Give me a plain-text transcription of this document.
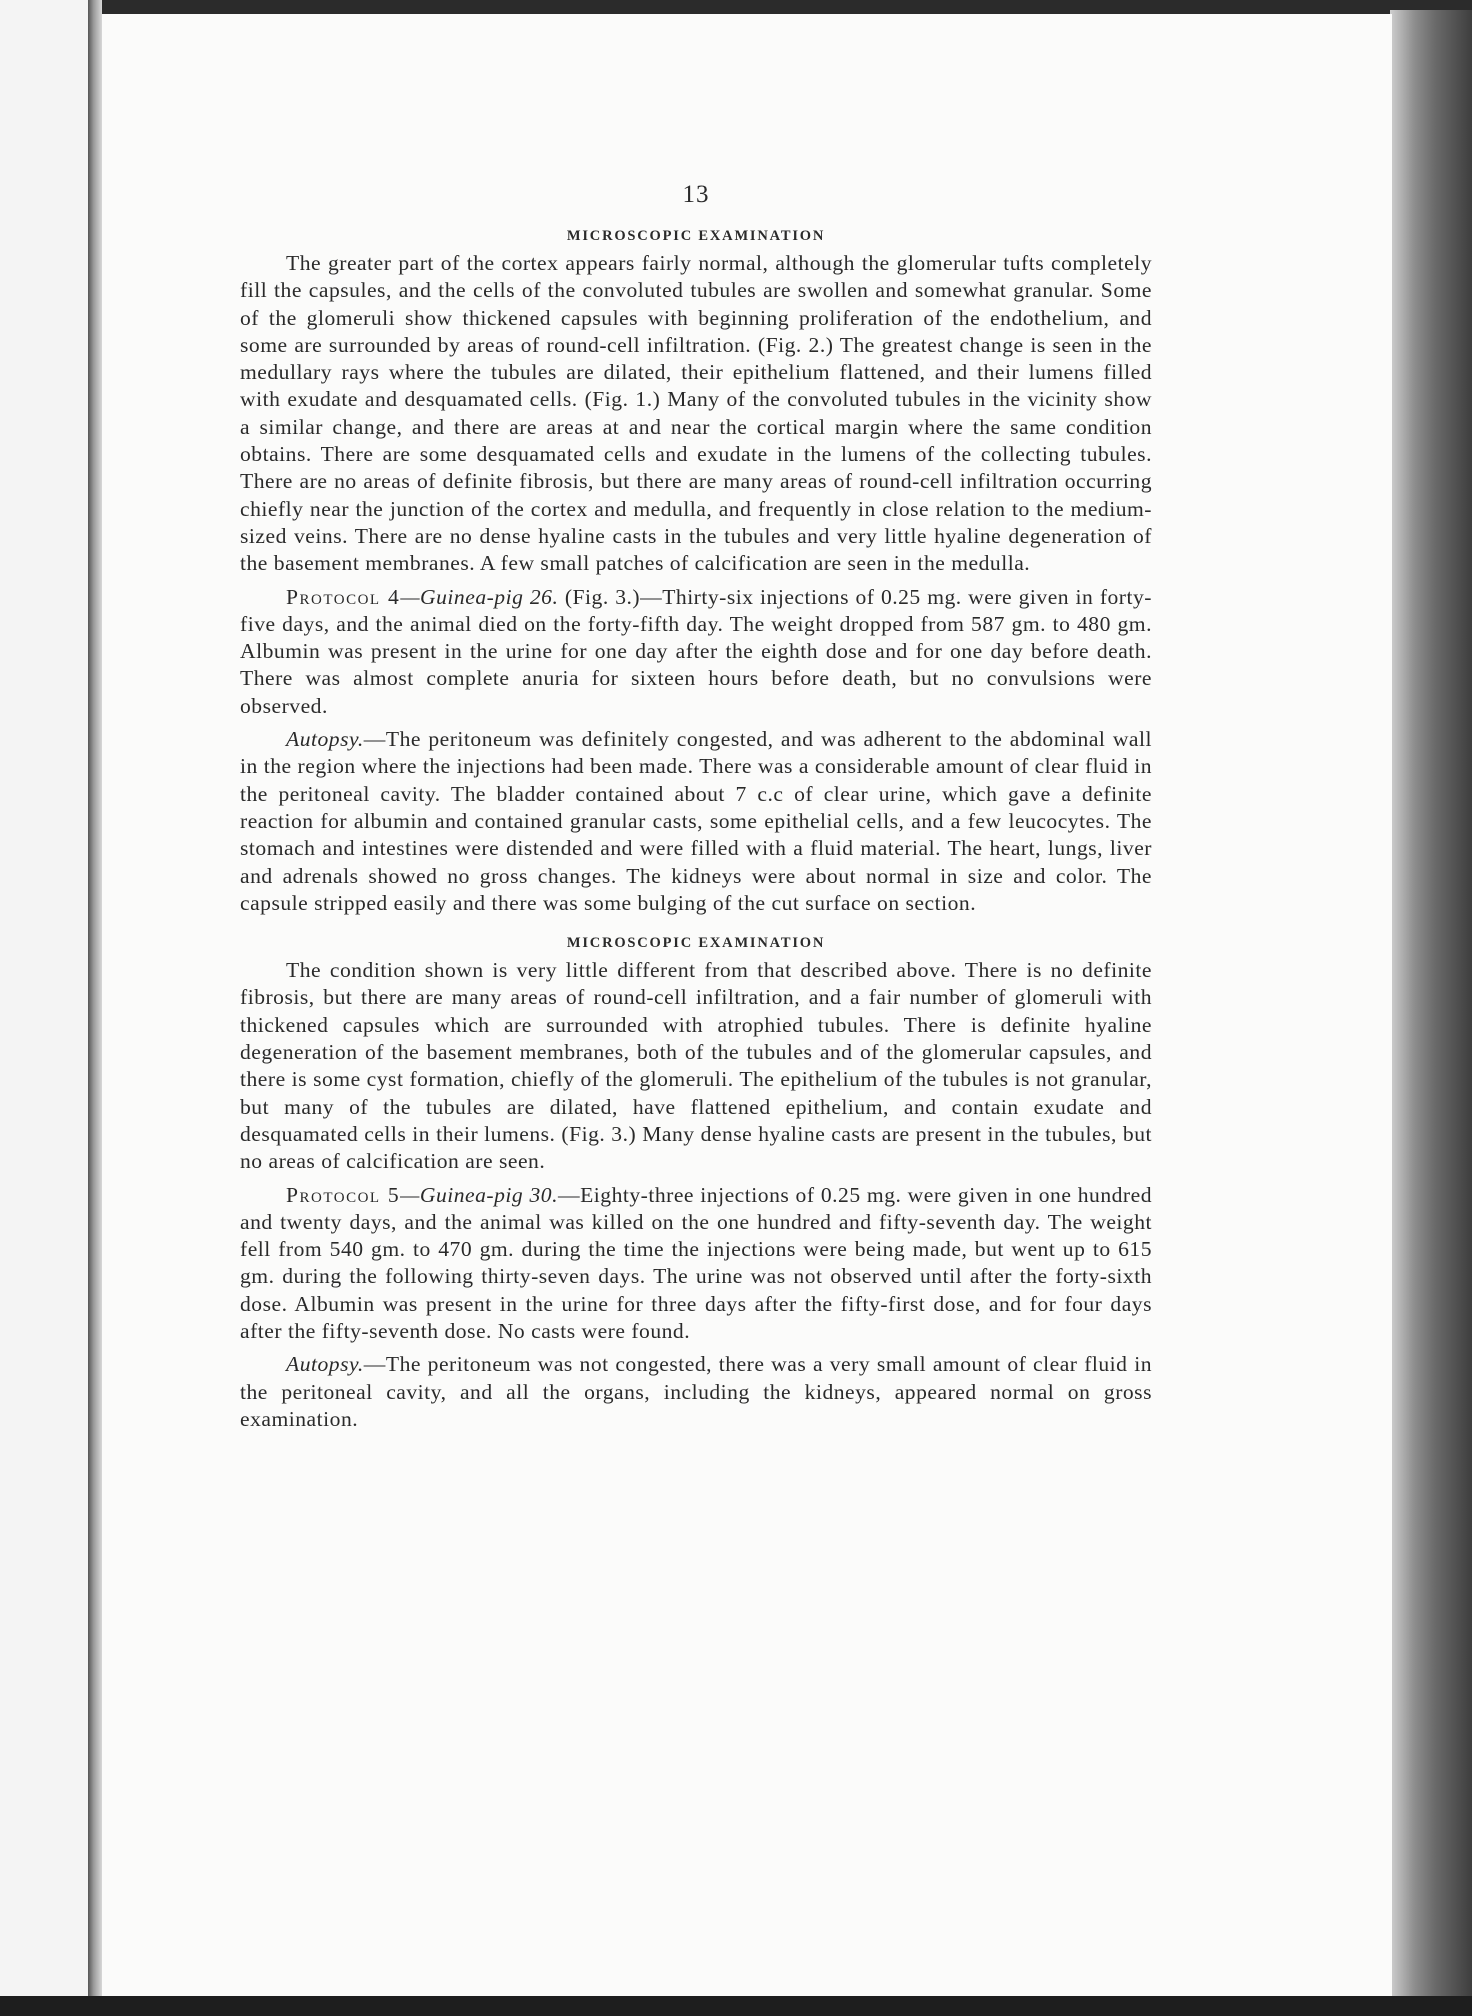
13
MICROSCOPIC EXAMINATION

The greater part of the cortex appears fairly normal, although the glomerular tufts completely fill the capsules, and the cells of the convoluted tubules are swollen and somewhat granular. Some of the glomeruli show thickened capsules with beginning proliferation of the endothelium, and some are surrounded by areas of round-cell infiltration. (Fig. 2.) The greatest change is seen in the medullary rays where the tubules are dilated, their epithelium flattened, and their lumens filled with exudate and desquamated cells. (Fig. 1.) Many of the convoluted tubules in the vicinity show a similar change, and there are areas at and near the cortical margin where the same condition obtains. There are some desquamated cells and exudate in the lumens of the collecting tubules. There are no areas of definite fibrosis, but there are many areas of round-cell infiltration occurring chiefly near the junction of the cortex and medulla, and frequently in close relation to the medium-sized veins. There are no dense hyaline casts in the tubules and very little hyaline degeneration of the basement membranes. A few small patches of calcification are seen in the medulla.

Protocol 4—Guinea-pig 26. (Fig. 3.)—Thirty-six injections of 0.25 mg. were given in forty-five days, and the animal died on the forty-fifth day. The weight dropped from 587 gm. to 480 gm. Albumin was present in the urine for one day after the eighth dose and for one day before death. There was almost complete anuria for sixteen hours before death, but no convulsions were observed.

Autopsy.—The peritoneum was definitely congested, and was adherent to the abdominal wall in the region where the injections had been made. There was a considerable amount of clear fluid in the peritoneal cavity. The bladder contained about 7 c.c of clear urine, which gave a definite reaction for albumin and contained granular casts, some epithelial cells, and a few leucocytes. The stomach and intestines were distended and were filled with a fluid material. The heart, lungs, liver and adrenals showed no gross changes. The kidneys were about normal in size and color. The capsule stripped easily and there was some bulging of the cut surface on section.

MICROSCOPIC EXAMINATION

The condition shown is very little different from that described above. There is no definite fibrosis, but there are many areas of round-cell infiltration, and a fair number of glomeruli with thickened capsules which are surrounded with atrophied tubules. There is definite hyaline degeneration of the basement membranes, both of the tubules and of the glomerular capsules, and there is some cyst formation, chiefly of the glomeruli. The epithelium of the tubules is not granular, but many of the tubules are dilated, have flattened epithelium, and contain exudate and desquamated cells in their lumens. (Fig. 3.) Many dense hyaline casts are present in the tubules, but no areas of calcification are seen.

Protocol 5—Guinea-pig 30.—Eighty-three injections of 0.25 mg. were given in one hundred and twenty days, and the animal was killed on the one hundred and fifty-seventh day. The weight fell from 540 gm. to 470 gm. during the time the injections were being made, but went up to 615 gm. during the following thirty-seven days. The urine was not observed until after the forty-sixth dose. Albumin was present in the urine for three days after the fifty-first dose, and for four days after the fifty-seventh dose. No casts were found.

Autopsy.—The peritoneum was not congested, there was a very small amount of clear fluid in the peritoneal cavity, and all the organs, including the kidneys, appeared normal on gross examination.
